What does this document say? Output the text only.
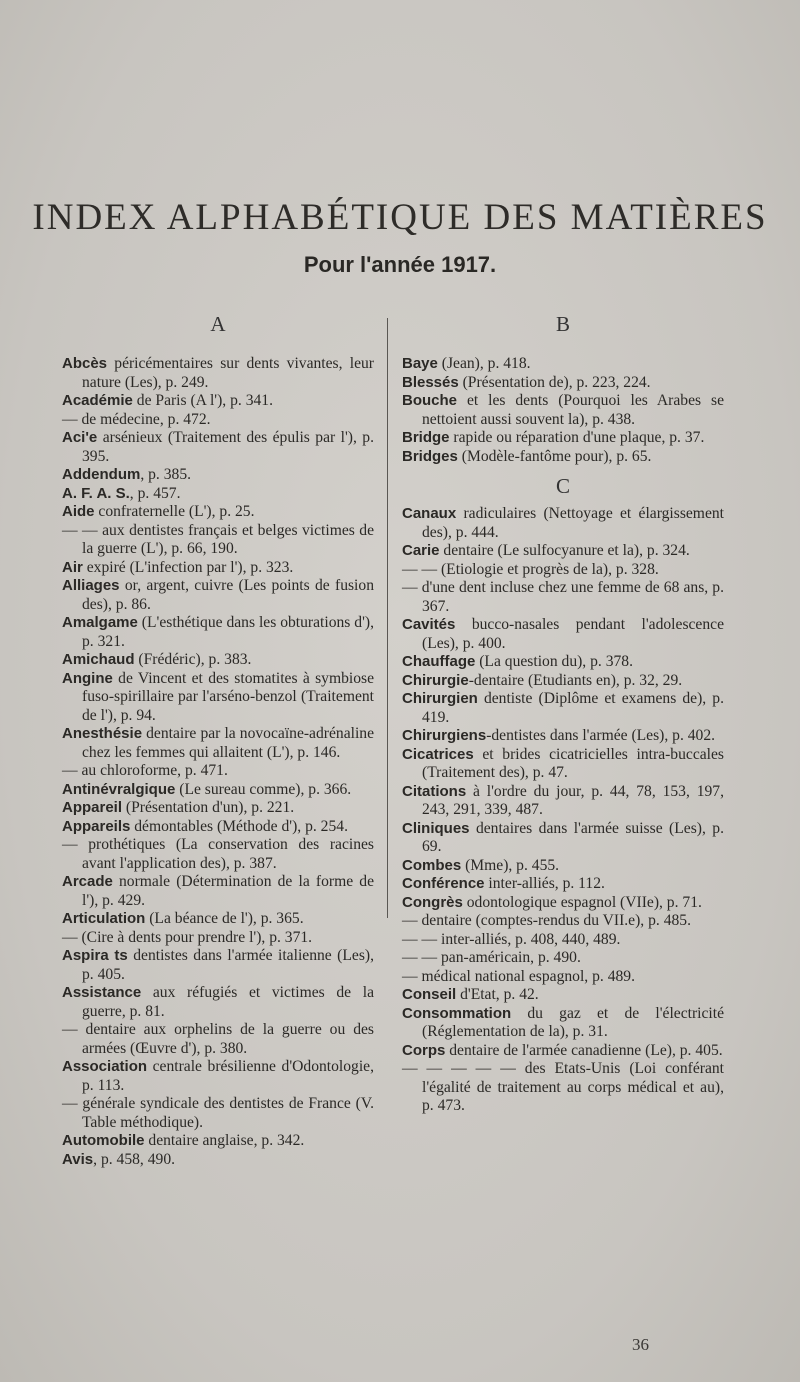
INDEX ALPHABÉTIQUE DES MATIÈRES
Pour l'année 1917.
A

Abcès péricémentaires sur dents vivantes, leur nature (Les), p. 249.

Académie de Paris (A l'), p. 341.

— de médecine, p. 472.

Aci'e arsénieux (Traitement des épulis par l'), p. 395.

Addendum, p. 385.

A. F. A. S., p. 457.

Aide confraternelle (L'), p. 25.

— — aux dentistes français et belges victimes de la guerre (L'), p. 66, 190.

Air expiré (L'infection par l'), p. 323.

Alliages or, argent, cuivre (Les points de fusion des), p. 86.

Amalgame (L'esthétique dans les obturations d'), p. 321.

Amichaud (Frédéric), p. 383.

Angine de Vincent et des stomatites à symbiose fuso-spirillaire par l'arséno-benzol (Traitement de l'), p. 94.

Anesthésie dentaire par la novocaïne-adrénaline chez les femmes qui allaitent (L'), p. 146.

— au chloroforme, p. 471.

Antinévralgique (Le sureau comme), p. 366.

Appareil (Présentation d'un), p. 221.

Appareils démontables (Méthode d'), p. 254.

— prothétiques (La conservation des racines avant l'application des), p. 387.

Arcade normale (Détermination de la forme de l'), p. 429.

Articulation (La béance de l'), p. 365.

— (Cire à dents pour prendre l'), p. 371.

Aspira ts dentistes dans l'armée italienne (Les), p. 405.

Assistance aux réfugiés et victimes de la guerre, p. 81.

— dentaire aux orphelins de la guerre ou des armées (Œuvre d'), p. 380.

Association centrale brésilienne d'Odontologie, p. 113.

— générale syndicale des dentistes de France (V. Table méthodique).

Automobile dentaire anglaise, p. 342.

Avis, p. 458, 490.

B

Baye (Jean), p. 418.

Blessés (Présentation de), p. 223, 224.

Bouche et les dents (Pourquoi les Arabes se nettoient aussi souvent la), p. 438.

Bridge rapide ou réparation d'une plaque, p. 37.

Bridges (Modèle-fantôme pour), p. 65.

C

Canaux radiculaires (Nettoyage et élargissement des), p. 444.

Carie dentaire (Le sulfocyanure et la), p. 324.

— — (Etiologie et progrès de la), p. 328.

— d'une dent incluse chez une femme de 68 ans, p. 367.

Cavités bucco-nasales pendant l'adolescence (Les), p. 400.

Chauffage (La question du), p. 378.

Chirurgie-dentaire (Etudiants en), p. 32, 29.

Chirurgien dentiste (Diplôme et examens de), p. 419.

Chirurgiens-dentistes dans l'armée (Les), p. 402.

Cicatrices et brides cicatricielles intra-buccales (Traitement des), p. 47.

Citations à l'ordre du jour, p. 44, 78, 153, 197, 243, 291, 339, 487.

Cliniques dentaires dans l'armée suisse (Les), p. 69.

Combes (Mme), p. 455.

Conférence inter-alliés, p. 112.

Congrès odontologique espagnol (VIIe), p. 71.

— dentaire (comptes-rendus du VII.e), p. 485.

— — inter-alliés, p. 408, 440, 489.

— — pan-américain, p. 490.

— médical national espagnol, p. 489.

Conseil d'Etat, p. 42.

Consommation du gaz et de l'électricité (Réglementation de la), p. 31.

Corps dentaire de l'armée canadienne (Le), p. 405.

— — — — — des Etats-Unis (Loi conférant l'égalité de traitement au corps médical et au), p. 473.

36
